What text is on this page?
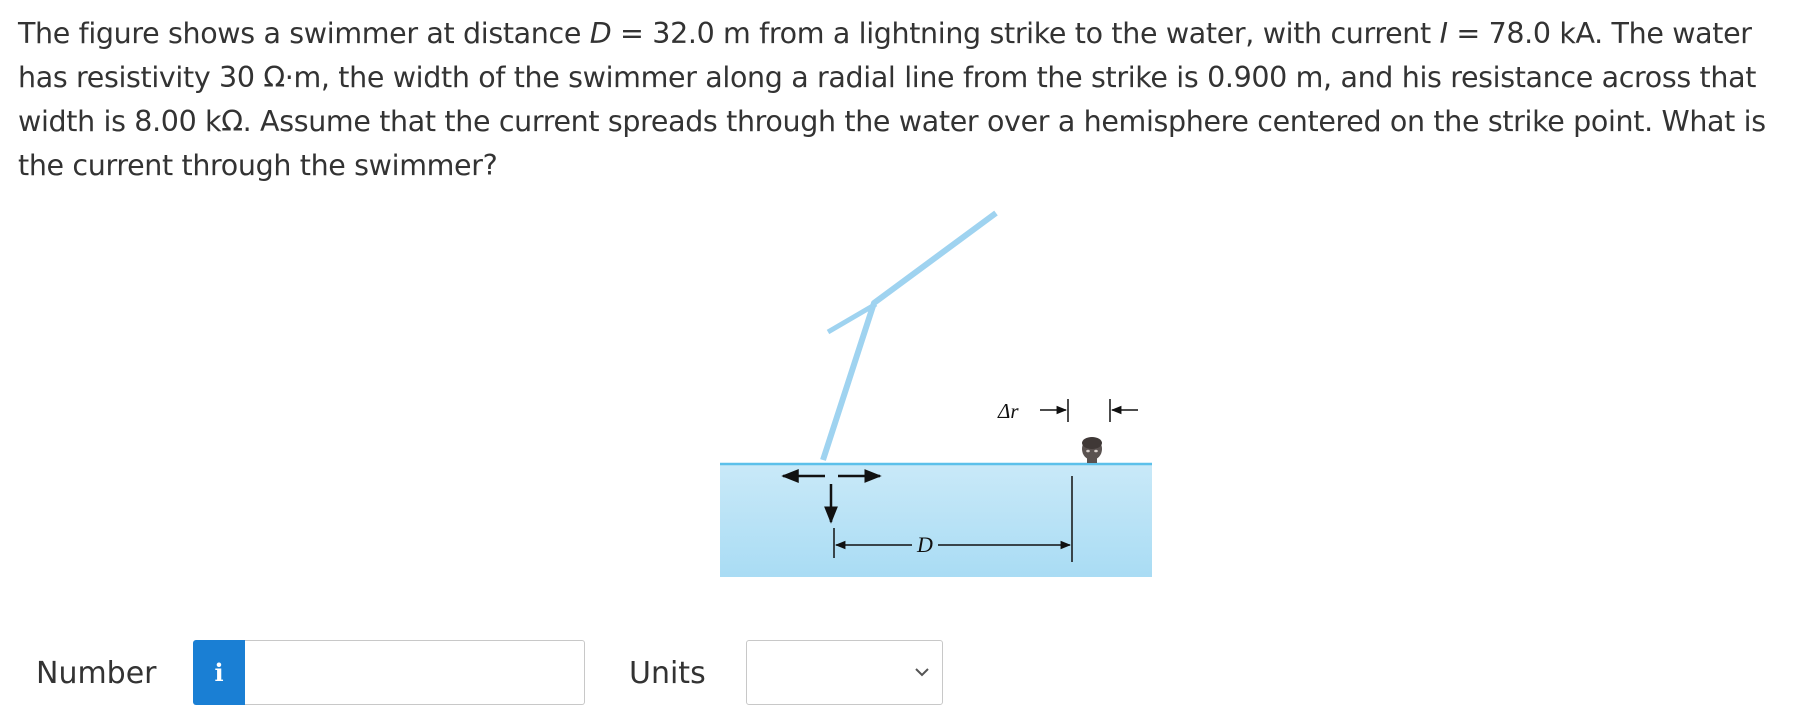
The figure shows a swimmer at distance D = 32.0 m from a lightning strike to the water, with current I = 78.0 kA. The water has resistivity 30 Ω·m, the width of the swimmer along a radial line from the strike is 0.900 m, and his resistance across that width is 8.00 kΩ. Assume that the current spreads through the water over a hemisphere centered on the strike point. What is the current through the swimmer?

D
Δr
Number	i	Units
